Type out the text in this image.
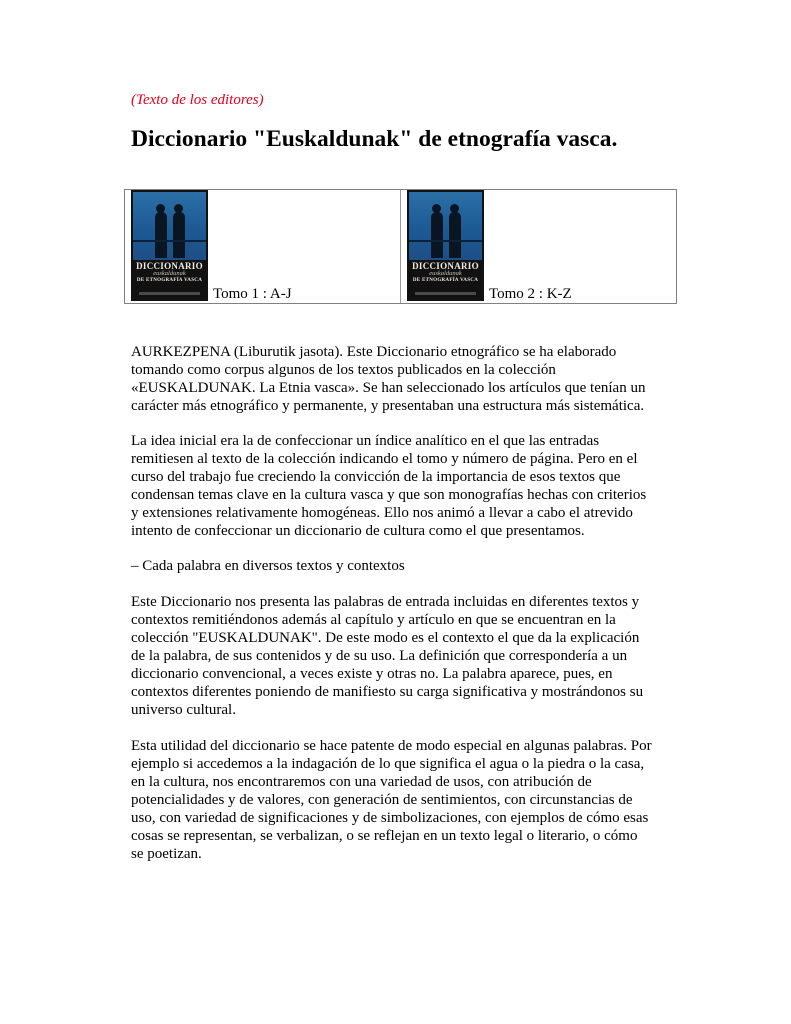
(Texto de los editores)
Diccionario "Euskaldunak" de etnografía vasca.
DICCIONARIO
euskaldunak
DE ETNOGRAFÍA VASCA
Tomo 1 : A-J
DICCIONARIO
euskaldunak
DE ETNOGRAFÍA VASCA
Tomo 2 : K-Z

AURKEZPENA (Liburutik jasota). Este Diccionario etnográfico se ha elaborado
tomando como corpus algunos de los textos publicados en la colección
«EUSKALDUNAK. La Etnia vasca». Se han seleccionado los artículos que tenían un
carácter más etnográfico y permanente, y presentaban una estructura más sistemática.

La idea inicial era la de confeccionar un índice analítico en el que las entradas
remitiesen al texto de la colección indicando el tomo y número de página. Pero en el
curso del trabajo fue creciendo la convicción de la importancia de esos textos que
condensan temas clave en la cultura vasca y que son monografías hechas con criterios
y extensiones relativamente homogéneas. Ello nos animó a llevar a cabo el atrevido
intento de confeccionar un diccionario de cultura como el que presentamos.

– Cada palabra en diversos textos y contextos

Este Diccionario nos presenta las palabras de entrada incluidas en diferentes textos y
contextos remitiéndonos además al capítulo y artículo en que se encuentran en la
colección "EUSKALDUNAK". De este modo es el contexto el que da la explicación
de la palabra, de sus contenidos y de su uso. La definición que correspondería a un
diccionario convencional, a veces existe y otras no. La palabra aparece, pues, en
contextos diferentes poniendo de manifiesto su carga significativa y mostrándonos su
universo cultural.

Esta utilidad del diccionario se hace patente de modo especial en algunas palabras. Por
ejemplo si accedemos a la indagación de lo que significa el agua o la piedra o la casa,
en la cultura, nos encontraremos con una variedad de usos, con atribución de
potencialidades y de valores, con generación de sentimientos, con circunstancias de
uso, con variedad de significaciones y de simbolizaciones, con ejemplos de cómo esas
cosas se representan, se verbalizan, o se reflejan en un texto legal o literario, o cómo
se poetizan.
